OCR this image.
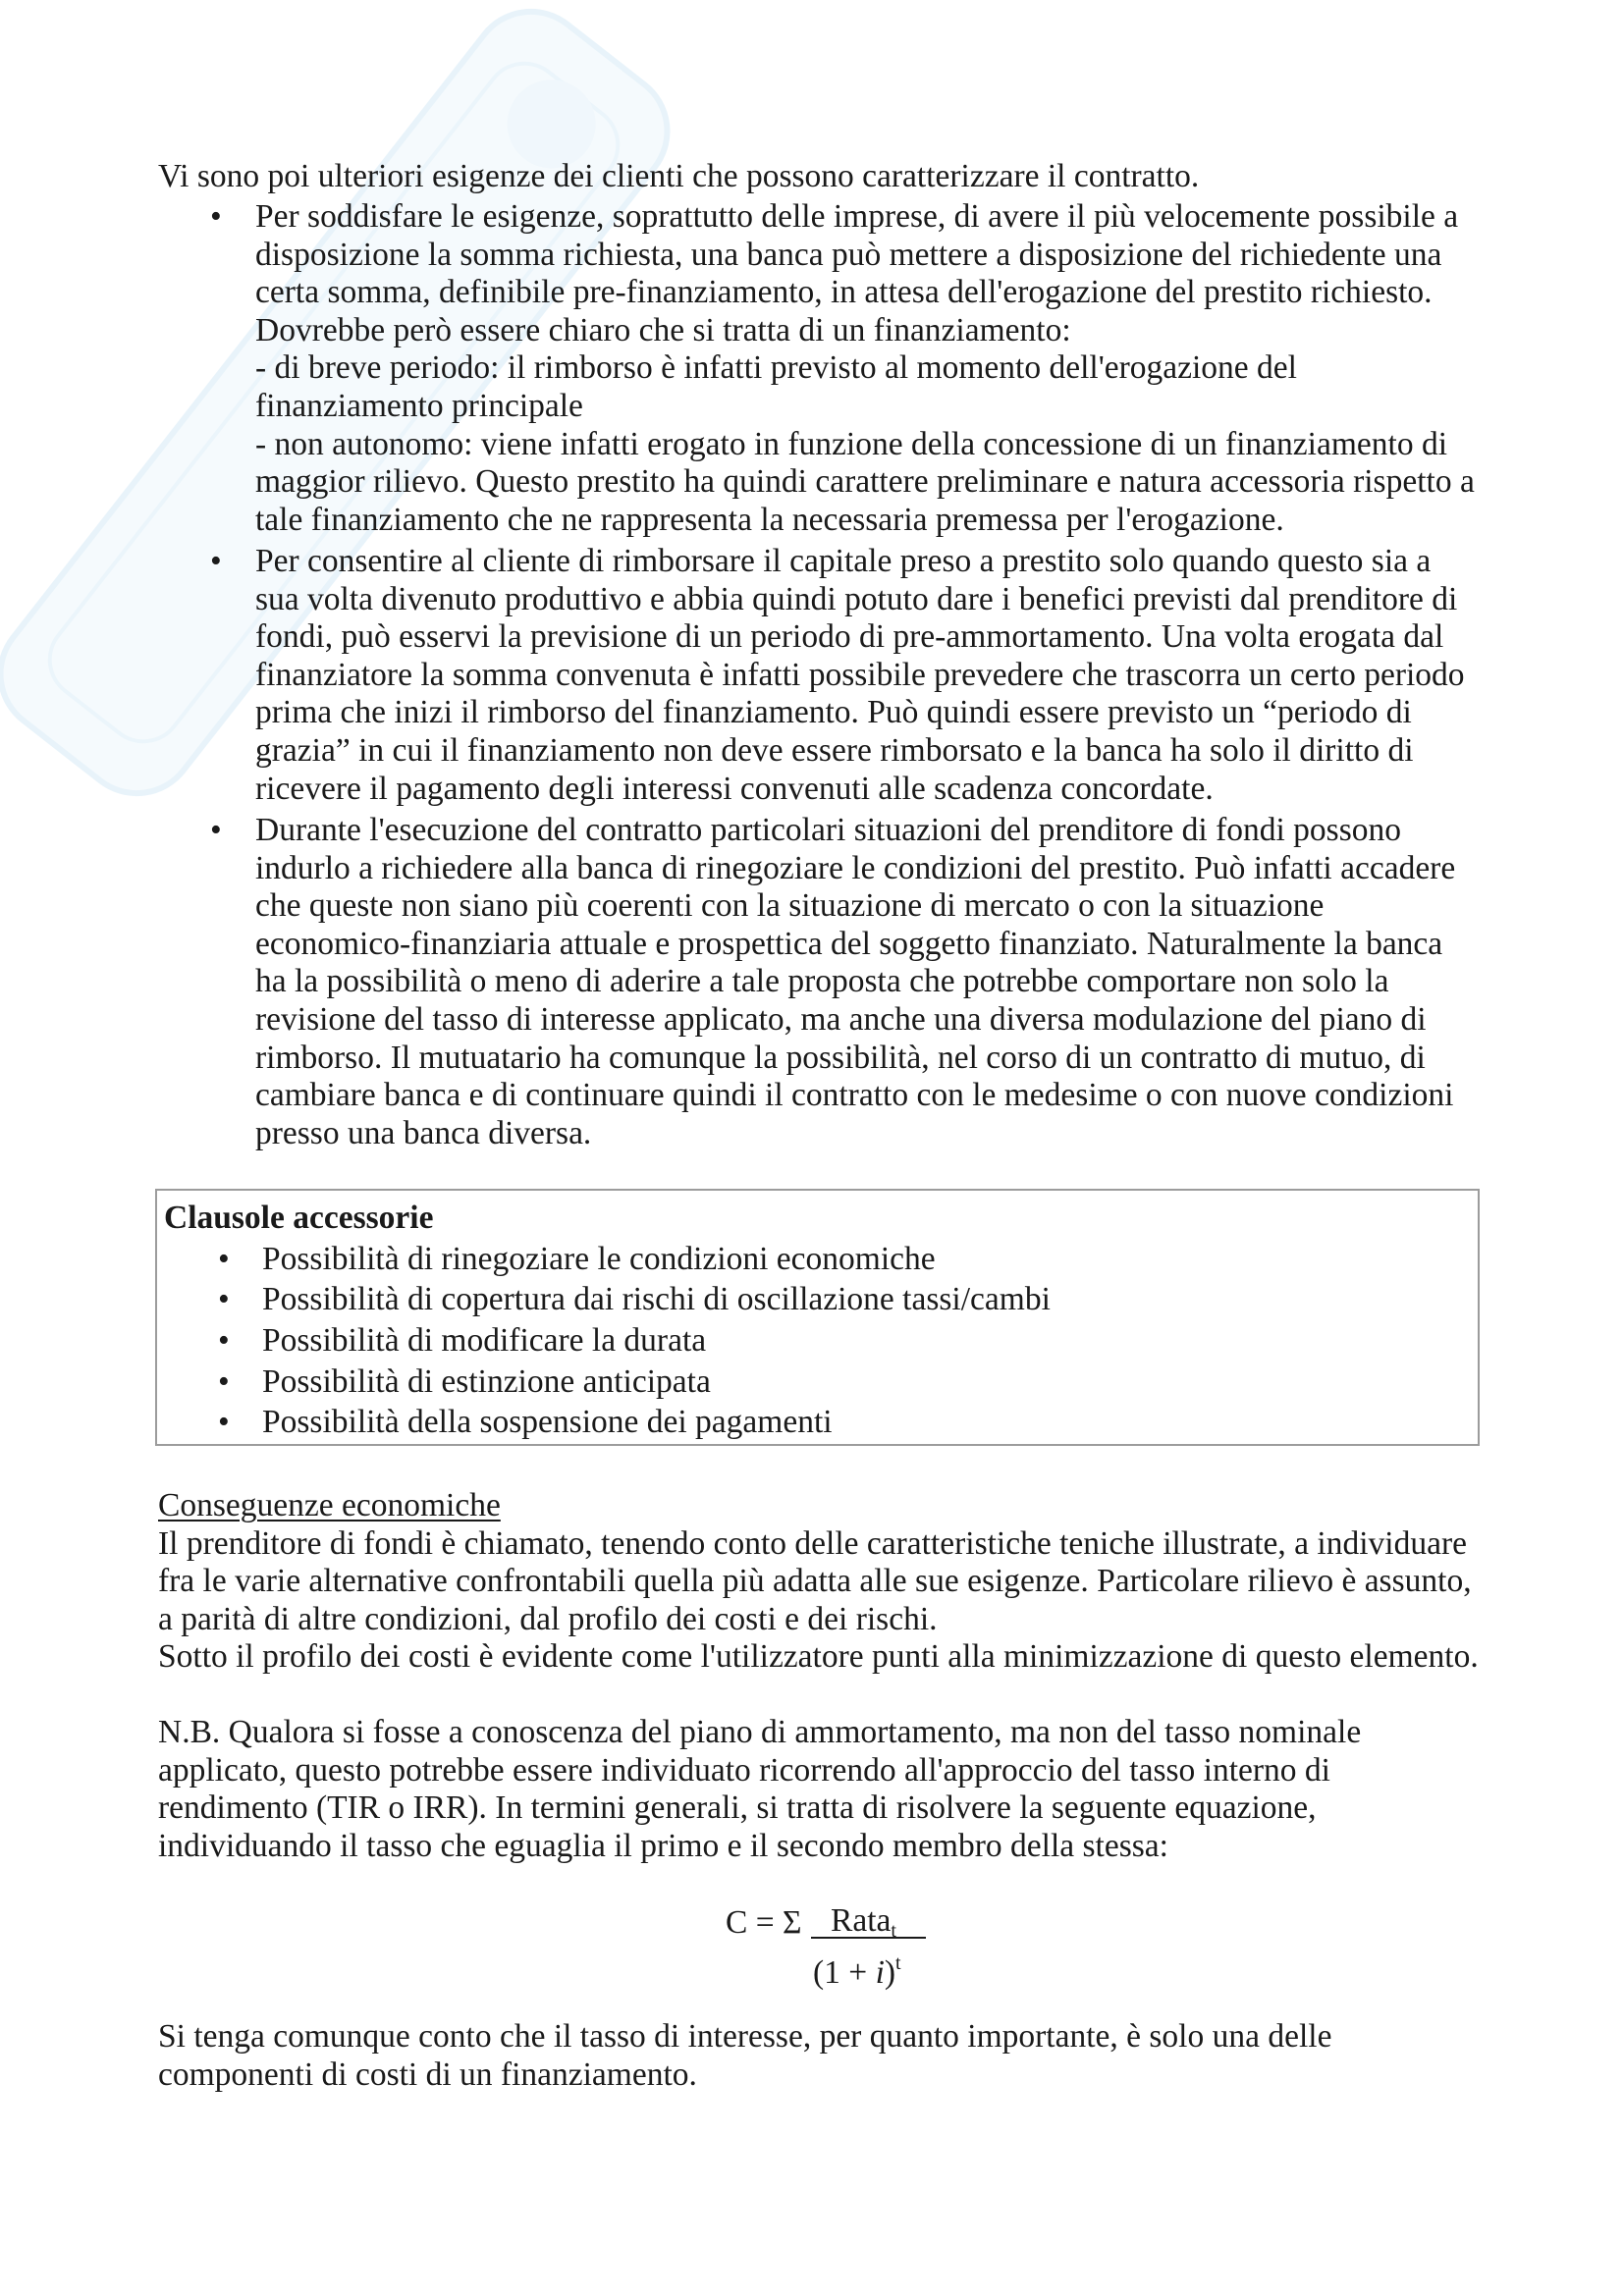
Vi sono poi ulteriori esigenze dei clienti che possono caratterizzare il contratto.
• Per soddisfare le esigenze, soprattutto delle imprese, di avere il più velocemente possibile a
disposizione la somma richiesta, una banca può mettere a disposizione del richiedente una
certa somma, definibile pre-finanziamento, in attesa dell'erogazione del prestito richiesto.
Dovrebbe però essere chiaro che si tratta di un finanziamento:
- di breve periodo: il rimborso è infatti previsto al momento dell'erogazione del
finanziamento principale
- non autonomo: viene infatti erogato in funzione della concessione di un finanziamento di
maggior rilievo. Questo prestito ha quindi carattere preliminare e natura accessoria rispetto a
tale finanziamento che ne rappresenta la necessaria premessa per l'erogazione.
• Per consentire al cliente di rimborsare il capitale preso a prestito solo quando questo sia a
sua volta divenuto produttivo e abbia quindi potuto dare i benefici previsti dal prenditore di
fondi, può esservi la previsione di un periodo di pre-ammortamento. Una volta erogata dal
finanziatore la somma convenuta è infatti possibile prevedere che trascorra un certo periodo
prima che inizi il rimborso del finanziamento. Può quindi essere previsto un “periodo di
grazia” in cui il finanziamento non deve essere rimborsato e la banca ha solo il diritto di
ricevere il pagamento degli interessi convenuti alle scadenza concordate.
• Durante l'esecuzione del contratto particolari situazioni del prenditore di fondi possono
indurlo a richiedere alla banca di rinegoziare le condizioni del prestito. Può infatti accadere
che queste non siano più coerenti con la situazione di mercato o con la situazione
economico-finanziaria attuale e prospettica del soggetto finanziato. Naturalmente la banca
ha la possibilità o meno di aderire a tale proposta che potrebbe comportare non solo la
revisione del tasso di interesse applicato, ma anche una diversa modulazione del piano di
rimborso. Il mutuatario ha comunque la possibilità, nel corso di un contratto di mutuo, di
cambiare banca e di continuare quindi il contratto con le medesime o con nuove condizioni
presso una banca diversa.
Clausole accessorie
• Possibilità di rinegoziare le condizioni economiche
• Possibilità di copertura dai rischi di oscillazione tassi/cambi
• Possibilità di modificare la durata
• Possibilità di estinzione anticipata
• Possibilità della sospensione dei pagamenti
Conseguenze economiche
Il prenditore di fondi è chiamato, tenendo conto delle caratteristiche teniche illustrate, a individuare
fra le varie alternative confrontabili quella più adatta alle sue esigenze. Particolare rilievo è assunto,
a parità di altre condizioni, dal profilo dei costi e dei rischi.
Sotto il profilo dei costi è evidente come l'utilizzatore punti alla minimizzazione di questo elemento.
N.B. Qualora si fosse a conoscenza del piano di ammortamento, ma non del tasso nominale
applicato, questo potrebbe essere individuato ricorrendo all'approccio del tasso interno di
rendimento (TIR o IRR). In termini generali, si tratta di risolvere la seguente equazione,
individuando il tasso che eguaglia il primo e il secondo membro della stessa:
C = Σ Rata$_t$
$(1 + i)^t$
Si tenga comunque conto che il tasso di interesse, per quanto importante, è solo una delle
componenti di costi di un finanziamento.
